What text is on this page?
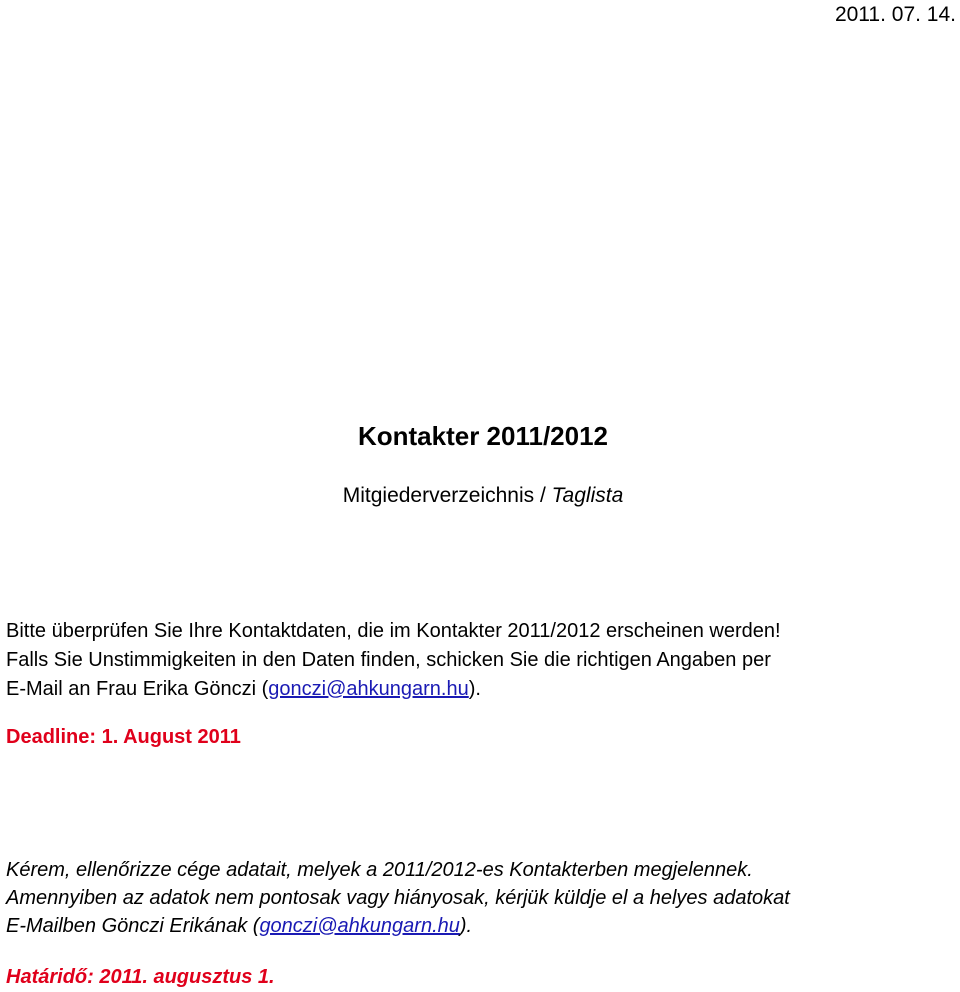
2011. 07. 14.
Kontakter 2011/2012
Mitgiederverzeichnis / Taglista
Bitte überprüfen Sie Ihre Kontaktdaten, die im Kontakter 2011/2012 erscheinen werden!
Falls Sie Unstimmigkeiten in den Daten finden, schicken Sie die richtigen Angaben per
E-Mail an Frau Erika Gönczi (gonczi@ahkungarn.hu).
Deadline: 1. August 2011
Kérem, ellenőrizze cége adatait, melyek a 2011/2012-es Kontakterben megjelennek.
Amennyiben az adatok nem pontosak vagy hiányosak, kérjük küldje el a helyes adatokat
E-Mailben Gönczi Erikának (gonczi@ahkungarn.hu).
Határidő: 2011. augusztus 1.
